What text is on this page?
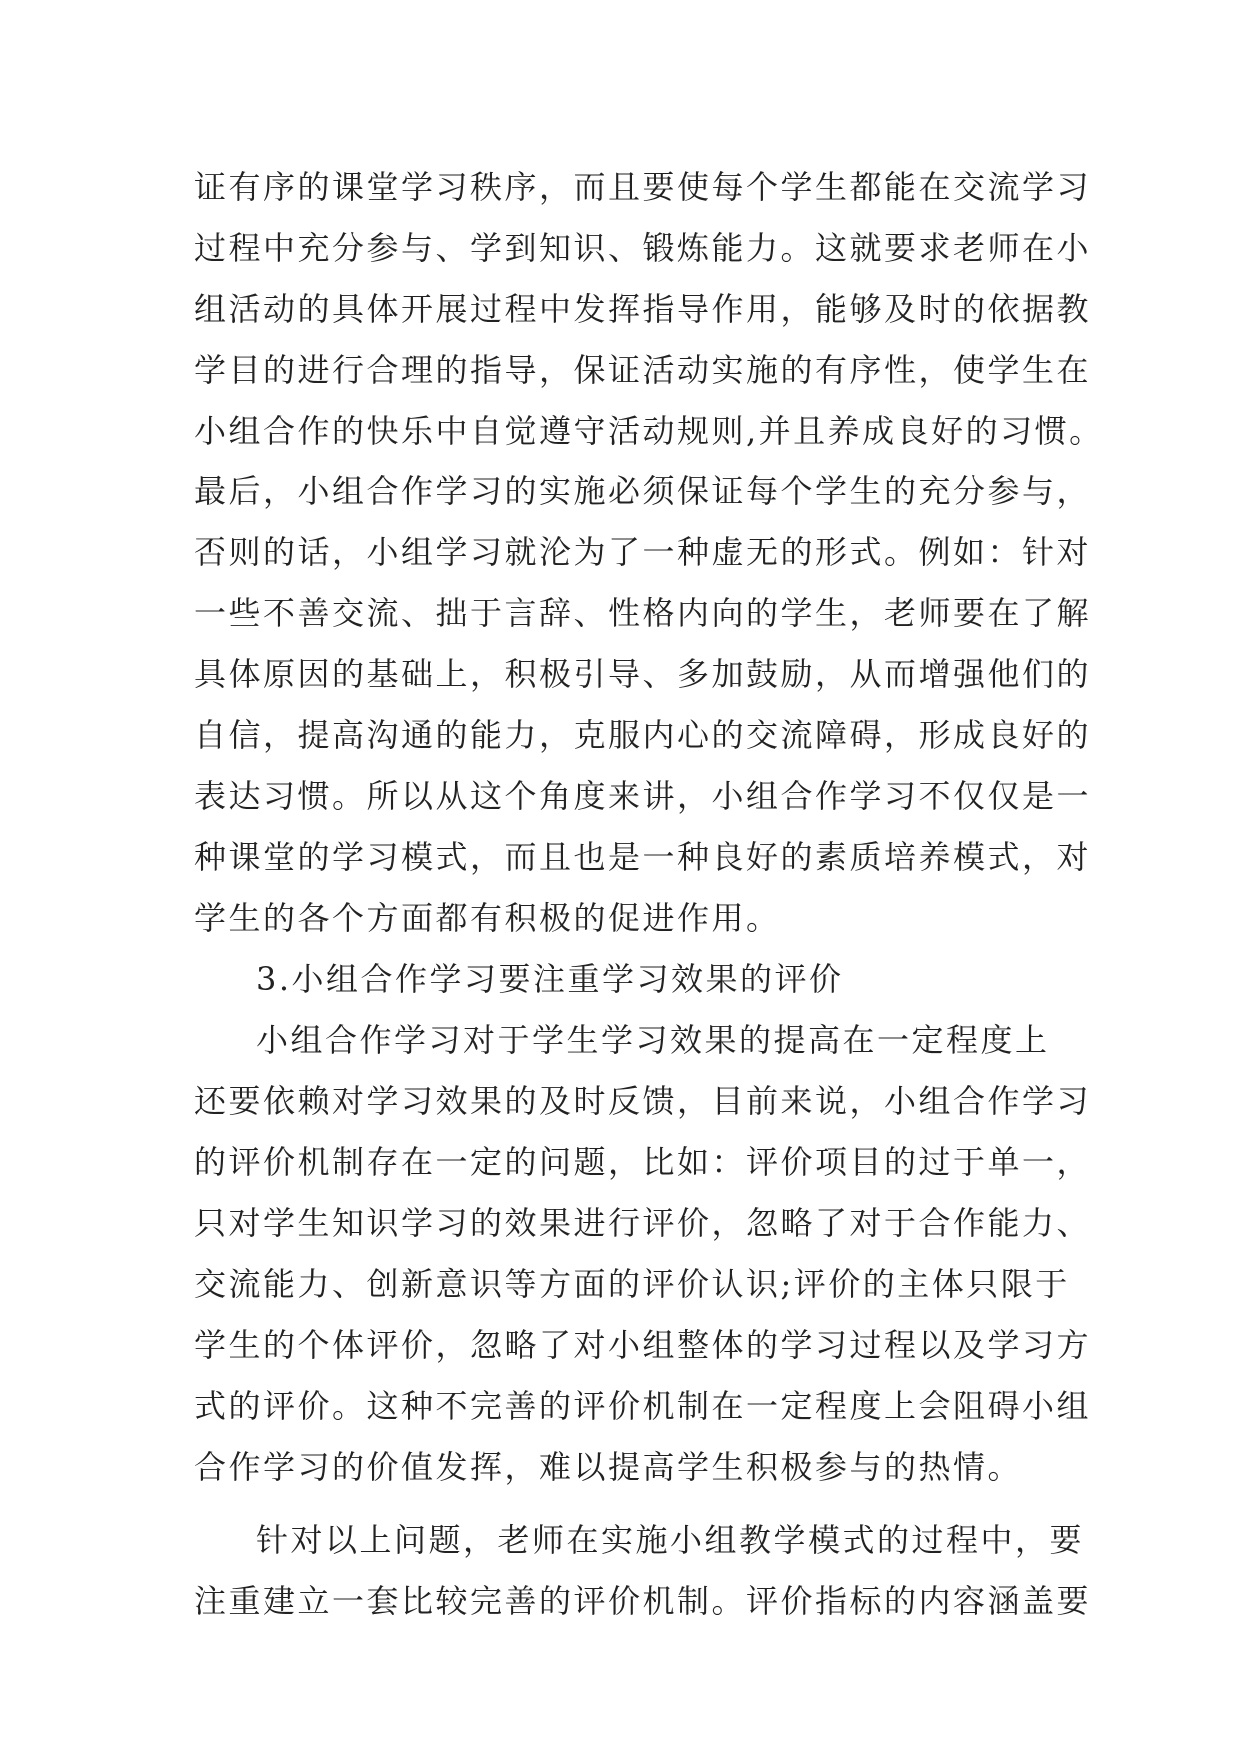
证有序的课堂学习秩序，而且要使每个学生都能在交流学习
过程中充分参与、学到知识、锻炼能力。这就要求老师在小
组活动的具体开展过程中发挥指导作用，能够及时的依据教
学目的进行合理的指导，保证活动实施的有序性，使学生在
小组合作的快乐中自觉遵守活动规则,并且养成良好的习惯。
最后，小组合作学习的实施必须保证每个学生的充分参与，
否则的话，小组学习就沦为了一种虚无的形式。例如：针对
一些不善交流、拙于言辞、性格内向的学生，老师要在了解
具体原因的基础上，积极引导、多加鼓励，从而增强他们的
自信，提高沟通的能力，克服内心的交流障碍，形成良好的
表达习惯。所以从这个角度来讲，小组合作学习不仅仅是一
种课堂的学习模式，而且也是一种良好的素质培养模式，对
学生的各个方面都有积极的促进作用。
3.小组合作学习要注重学习效果的评价
小组合作学习对于学生学习效果的提高在一定程度上
还要依赖对学习效果的及时反馈，目前来说，小组合作学习
的评价机制存在一定的问题，比如：评价项目的过于单一，
只对学生知识学习的效果进行评价，忽略了对于合作能力、
交流能力、创新意识等方面的评价认识;评价的主体只限于
学生的个体评价，忽略了对小组整体的学习过程以及学习方
式的评价。这种不完善的评价机制在一定程度上会阻碍小组
合作学习的价值发挥，难以提高学生积极参与的热情。
针对以上问题，老师在实施小组教学模式的过程中，要
注重建立一套比较完善的评价机制。评价指标的内容涵盖要
